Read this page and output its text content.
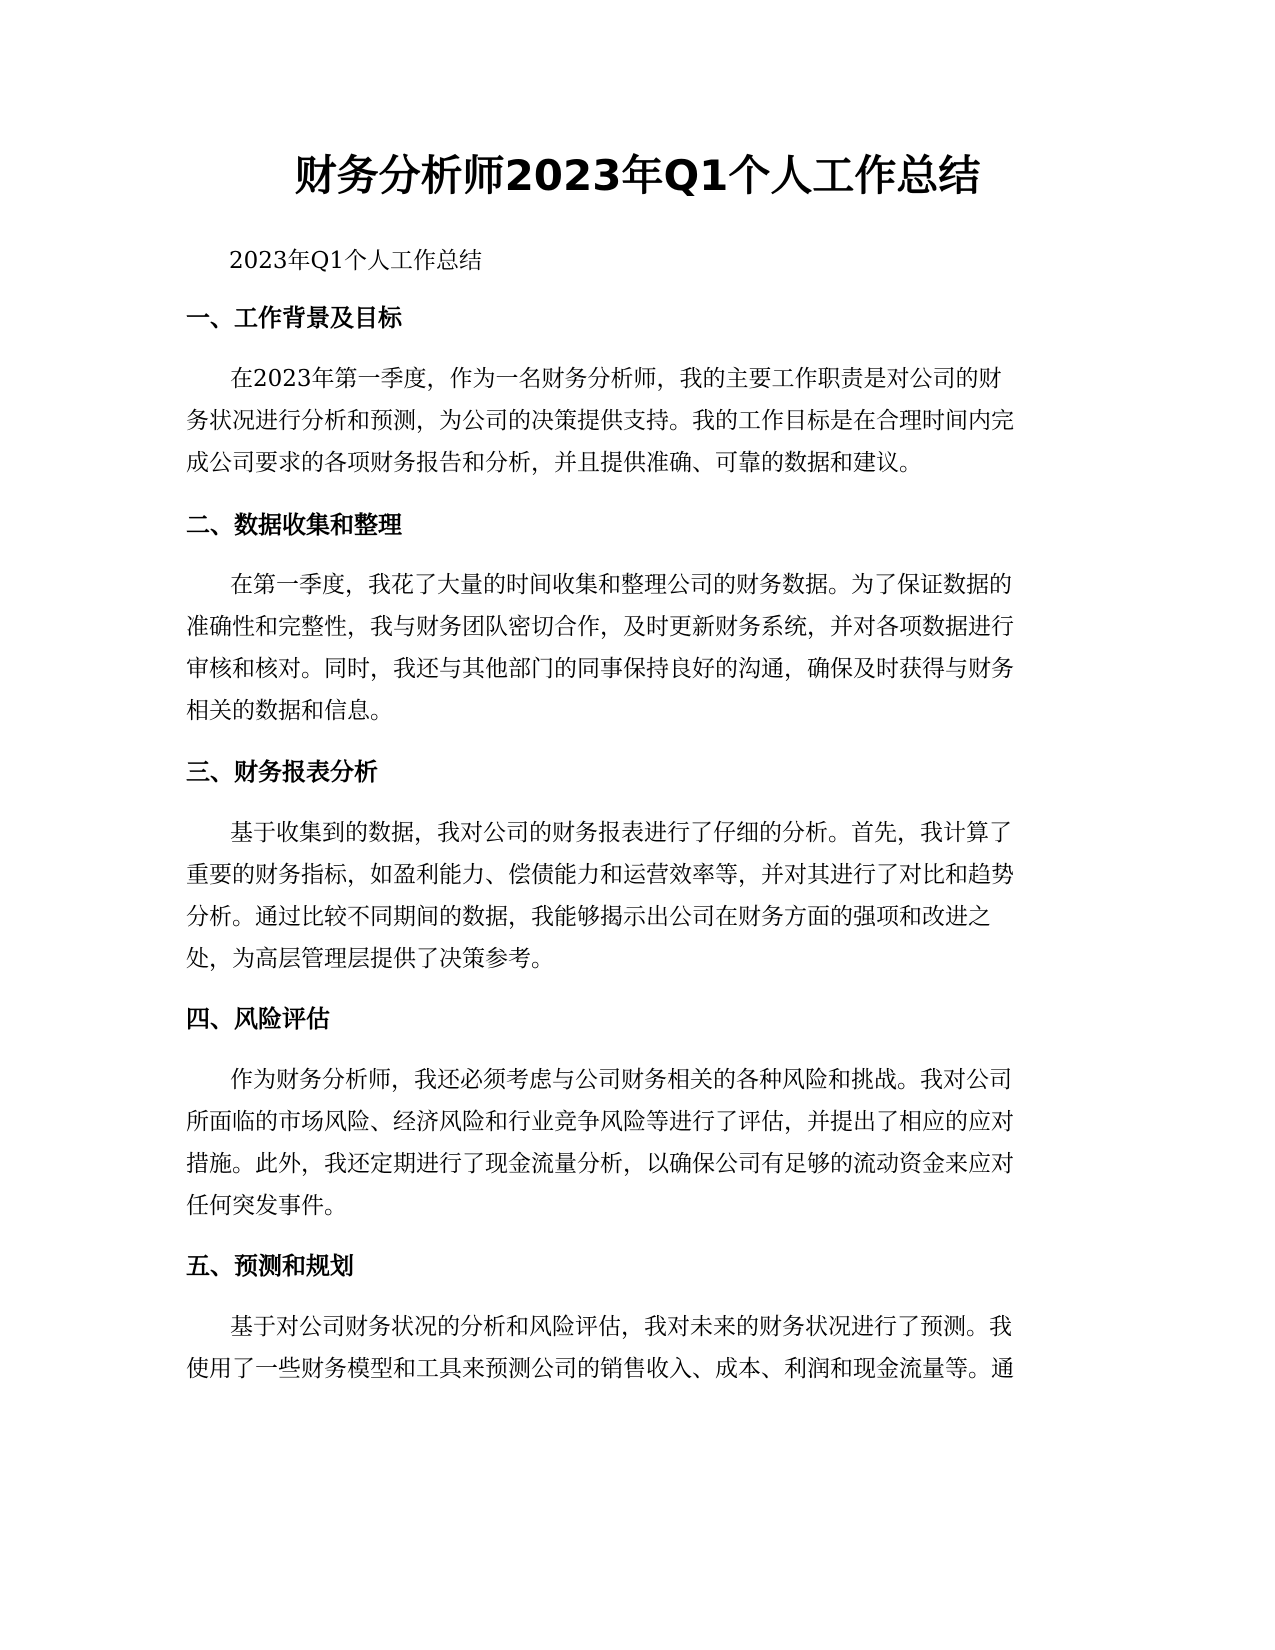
财务分析师2023年Q1个人工作总结

2023年Q1个人工作总结

一、工作背景及目标

在2023年第一季度，作为一名财务分析师，我的主要工作职责是对公司的财
务状况进行分析和预测，为公司的决策提供支持。我的工作目标是在合理时间内完
成公司要求的各项财务报告和分析，并且提供准确、可靠的数据和建议。

二、数据收集和整理

在第一季度，我花了大量的时间收集和整理公司的财务数据。为了保证数据的
准确性和完整性，我与财务团队密切合作，及时更新财务系统，并对各项数据进行
审核和核对。同时，我还与其他部门的同事保持良好的沟通，确保及时获得与财务
相关的数据和信息。

三、财务报表分析

基于收集到的数据，我对公司的财务报表进行了仔细的分析。首先，我计算了
重要的财务指标，如盈利能力、偿债能力和运营效率等，并对其进行了对比和趋势
分析。通过比较不同期间的数据，我能够揭示出公司在财务方面的强项和改进之
处，为高层管理层提供了决策参考。

四、风险评估

作为财务分析师，我还必须考虑与公司财务相关的各种风险和挑战。我对公司
所面临的市场风险、经济风险和行业竞争风险等进行了评估，并提出了相应的应对
措施。此外，我还定期进行了现金流量分析，以确保公司有足够的流动资金来应对
任何突发事件。

五、预测和规划

基于对公司财务状况的分析和风险评估，我对未来的财务状况进行了预测。我
使用了一些财务模型和工具来预测公司的销售收入、成本、利润和现金流量等。通
